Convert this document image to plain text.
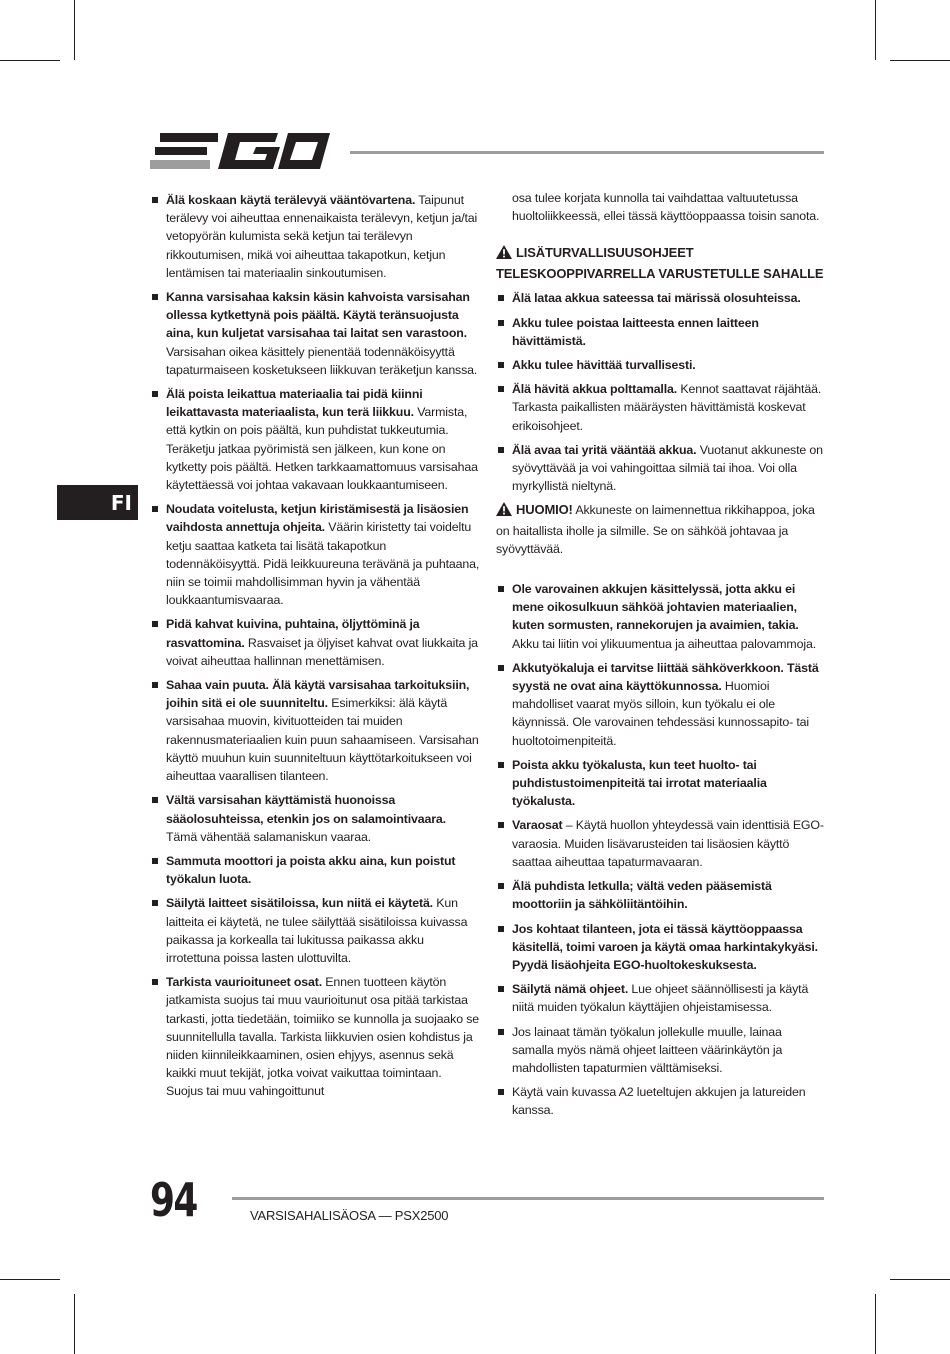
FI
Älä koskaan käytä terälevyä vääntövartena. Taipunut terälevy voi aiheuttaa ennenaikaista terälevyn, ketjun ja/tai vetopyörän kulumista sekä ketjun tai terälevyn rikkoutumisen, mikä voi aiheuttaa takapotkun, ketjun lentämisen tai materiaalin sinkoutumisen.
Kanna varsisahaa kaksin käsin kahvoista varsisahan ollessa kytkettynä pois päältä. Käytä teränsuojusta aina, kun kuljetat varsisahaa tai laitat sen varastoon. Varsisahan oikea käsittely pienentää todennäköisyyttä tapaturmaiseen kosketukseen liikkuvan teräketjun kanssa.
Älä poista leikattua materiaalia tai pidä kiinni leikattavasta materiaalista, kun terä liikkuu. Varmista, että kytkin on pois päältä, kun puhdistat tukkeutumia. Teräketju jatkaa pyörimistä sen jälkeen, kun kone on kytketty pois päältä. Hetken tarkkaamattomuus varsisahaa käytettäessä voi johtaa vakavaan loukkaantumiseen.
Noudata voitelusta, ketjun kiristämisestä ja lisäosien vaihdosta annettuja ohjeita. Väärin kiristetty tai voideltu ketju saattaa katketa tai lisätä takapotkun todennäköisyyttä. Pidä leikkuureuna terävänä ja puhtaana, niin se toimii mahdollisimman hyvin ja vähentää loukkaantumisvaaraa.
Pidä kahvat kuivina, puhtaina, öljyttöminä ja rasvattomina. Rasvaiset ja öljyiset kahvat ovat liukkaita ja voivat aiheuttaa hallinnan menettämisen.
Sahaa vain puuta. Älä käytä varsisahaa tarkoituksiin, joihin sitä ei ole suunniteltu. Esimerkiksi: älä käytä varsisahaa muovin, kivituotteiden tai muiden rakennusmateriaalien kuin puun sahaamiseen. Varsisahan käyttö muuhun kuin suunniteltuun käyttötarkoitukseen voi aiheuttaa vaarallisen tilanteen.
Vältä varsisahan käyttämistä huonoissa sääolosuhteissa, etenkin jos on salamointivaara. Tämä vähentää salamaniskun vaaraa.
Sammuta moottori ja poista akku aina, kun poistut työkalun luota.
Säilytä laitteet sisätiloissa, kun niitä ei käytetä. Kun laitteita ei käytetä, ne tulee säilyttää sisätiloissa kuivassa paikassa ja korkealla tai lukitussa paikassa akku irrotettuna poissa lasten ulottuvilta.
Tarkista vaurioituneet osat. Ennen tuotteen käytön jatkamista suojus tai muu vaurioitunut osa pitää tarkistaa tarkasti, jotta tiedetään, toimiiko se kunnolla ja suojaako se suunnitellulla tavalla. Tarkista liikkuvien osien kohdistus ja niiden kiinnileikkaaminen, osien ehjyys, asennus sekä kaikki muut tekijät, jotka voivat vaikuttaa toimintaan. Suojus tai muu vahingoittunut
osa tulee korjata kunnolla tai vaihdattaa valtuutetussa huoltoliikkeessä, ellei tässä käyttöoppaassa toisin sanota.
LISÄTURVALLISUUSOHJEET
TELESKOOPPIVARRELLA VARUSTETULLE SAHALLE
Älä lataa akkua sateessa tai märissä olosuhteissa.
Akku tulee poistaa laitteesta ennen laitteen hävittämistä.
Akku tulee hävittää turvallisesti.
Älä hävitä akkua polttamalla. Kennot saattavat räjähtää. Tarkasta paikallisten määräysten hävittämistä koskevat erikoisohjeet.
Älä avaa tai yritä vääntää akkua. Vuotanut akkuneste on syövyttävää ja voi vahingoittaa silmiä tai ihoa. Voi olla myrkyllistä nieltynä.
HUOMIO! Akkuneste on laimennettua rikkihappoa, joka on haitallista iholle ja silmille. Se on sähköä johtavaa ja syövyttävää.
Ole varovainen akkujen käsittelyssä, jotta akku ei mene oikosulkuun sähköä johtavien materiaalien, kuten sormusten, rannekorujen ja avaimien, takia. Akku tai liitin voi ylikuumentua ja aiheuttaa palovammoja.
Akkutyökaluja ei tarvitse liittää sähköverkkoon. Tästä syystä ne ovat aina käyttökunnossa. Huomioi mahdolliset vaarat myös silloin, kun työkalu ei ole käynnissä. Ole varovainen tehdessäsi kunnossapito- tai huoltotoimenpiteitä.
Poista akku työkalusta, kun teet huolto- tai puhdistustoimenpiteitä tai irrotat materiaalia työkalusta.
Varaosat – Käytä huollon yhteydessä vain identtisiä EGO-varaosia. Muiden lisävarusteiden tai lisäosien käyttö saattaa aiheuttaa tapaturmavaaran.
Älä puhdista letkulla; vältä veden pääsemistä moottoriin ja sähköliitäntöihin.
Jos kohtaat tilanteen, jota ei tässä käyttöoppaassa käsitellä, toimi varoen ja käytä omaa harkintakykyäsi. Pyydä lisäohjeita EGO-huoltokeskuksesta.
Säilytä nämä ohjeet. Lue ohjeet säännöllisesti ja käytä niitä muiden työkalun käyttäjien ohjeistamisessa.
Jos lainaat tämän työkalun jollekulle muulle, lainaa samalla myös nämä ohjeet laitteen väärinkäytön ja mahdollisten tapaturmien välttämiseksi.
Käytä vain kuvassa A2 lueteltujen akkujen ja latureiden kanssa.
94	VARSISAHALISÄOSA — PSX2500
